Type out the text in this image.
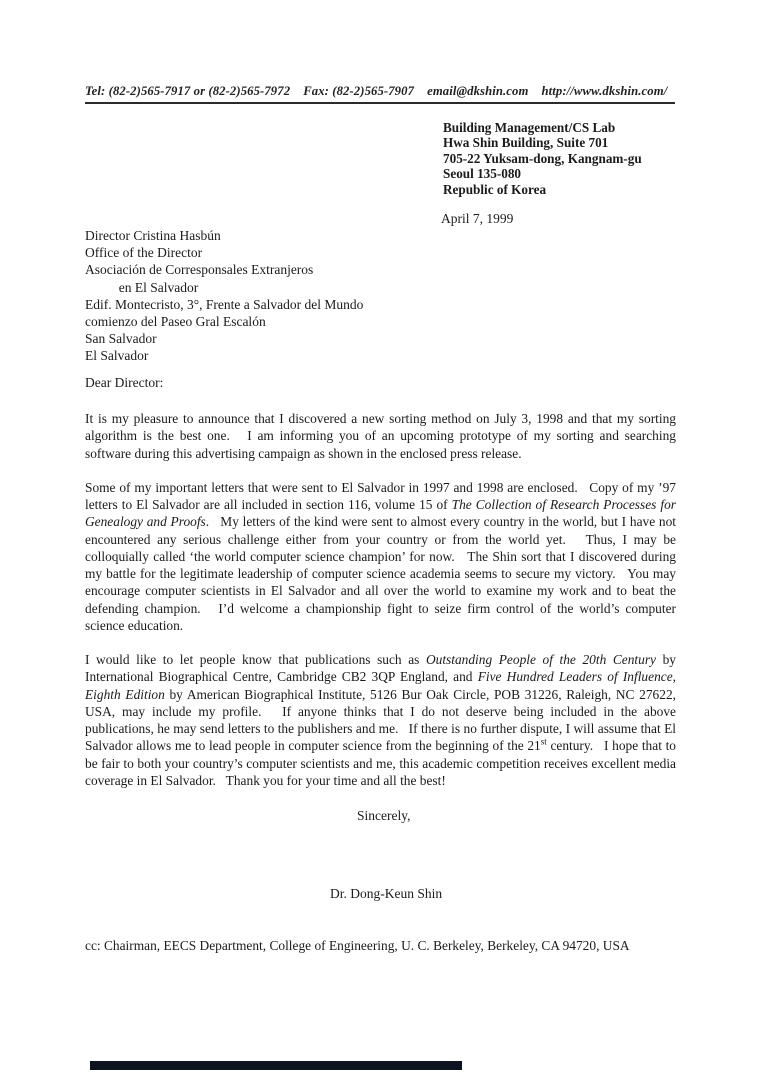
Tel: (82-2)565-7917 or (82-2)565-7972    Fax: (82-2)565-7907    email@dkshin.com    http://www.dkshin.com/
Building Management/CS Lab
Hwa Shin Building, Suite 701
705-22 Yuksam-dong, Kangnam-gu
Seoul 135-080
Republic of Korea
April 7, 1999
Director Cristina Hasbún
Office of the Director
Asociación de Corresponsales Extranjeros
en El Salvador
Edif. Montecristo, 3°, Frente a Salvador del Mundo
comienzo del Paseo Gral Escalón
San Salvador
El Salvador
Dear Director:

It is my pleasure to announce that I discovered a new sorting method on July 3, 1998 and that my sorting algorithm is the best one.   I am informing you of an upcoming prototype of my sorting and searching software during this advertising campaign as shown in the enclosed press release.

Some of my important letters that were sent to El Salvador in 1997 and 1998 are enclosed.   Copy of my ’97 letters to El Salvador are all included in section 116, volume 15 of The Collection of Research Processes for Genealogy and Proofs.   My letters of the kind were sent to almost every country in the world, but I have not encountered any serious challenge either from your country or from the world yet.   Thus, I may be colloquially called ‘the world computer science champion’ for now.   The Shin sort that I discovered during my battle for the legitimate leadership of computer science academia seems to secure my victory.   You may encourage computer scientists in El Salvador and all over the world to examine my work and to beat the defending champion.   I’d welcome a championship fight to seize firm control of the world’s computer science education.

I would like to let people know that publications such as Outstanding People of the 20th Century by International Biographical Centre, Cambridge CB2 3QP England, and Five Hundred Leaders of Influence, Eighth Edition by American Biographical Institute, 5126 Bur Oak Circle, POB 31226, Raleigh, NC 27622, USA, may include my profile.   If anyone thinks that I do not deserve being included in the above publications, he may send letters to the publishers and me.   If there is no further dispute, I will assume that El Salvador allows me to lead people in computer science from the beginning of the 21st century.   I hope that to be fair to both your country’s computer scientists and me, this academic competition receives excellent media coverage in El Salvador.   Thank you for your time and all the best!

Sincerely,
Dr. Dong-Keun Shin
cc: Chairman, EECS Department, College of Engineering, U. C. Berkeley, Berkeley, CA 94720, USA
